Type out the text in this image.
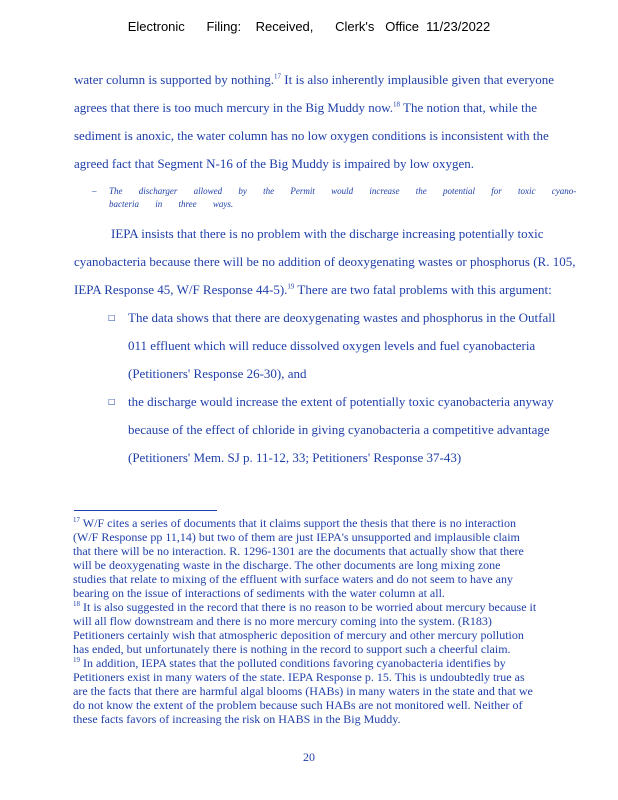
Electronic      Filing:    Received,      Clerk's   Office  11/23/2022
water column is supported by nothing.$^{17}$ It is also inherently implausible given that everyone
agrees that there is too much mercury in the Big Muddy now.$^{18}$ The notion that, while the
sediment is anoxic, the water column has no low oxygen conditions is inconsistent with the
agreed fact that Segment N-16 of the Big Muddy is impaired by low oxygen.
– The discharger allowed by the Permit would increase the potential for toxic cyano-
bacteria in three ways.
IEPA insists that there is no problem with the discharge increasing potentially toxic
cyanobacteria because there will be no addition of deoxygenating wastes or phosphorus (R. 105,
IEPA Response 45, W/F Response 44-5).$^{19}$ There are two fatal problems with this argument:
□ The data shows that there are deoxygenating wastes and phosphorus in the Outfall
011 effluent which will reduce dissolved oxygen levels and fuel cyanobacteria
(Petitioners' Response 26-30), and
□ the discharge would increase the extent of potentially toxic cyanobacteria anyway
because of the effect of chloride in giving cyanobacteria a competitive advantage
(Petitioners' Mem. SJ p. 11-12, 33; Petitioners' Response 37-43)
$^{17}$ W/F cites a series of documents that it claims support the thesis that there is no interaction
(W/F Response pp 11,14) but two of them are just IEPA's unsupported and implausible claim
that there will be no interaction. R. 1296-1301 are the documents that actually show that there
will be deoxygenating waste in the discharge. The other documents are long mixing zone
studies that relate to mixing of the effluent with surface waters and do not seem to have any
bearing on the issue of interactions of sediments with the water column at all.
$^{18}$ It is also suggested in the record that there is no reason to be worried about mercury because it
will all flow downstream and there is no more mercury coming into the system. (R183)
Petitioners certainly wish that atmospheric deposition of mercury and other mercury pollution
has ended, but unfortunately there is nothing in the record to support such a cheerful claim.
$^{19}$ In addition, IEPA states that the polluted conditions favoring cyanobacteria identifies by
Petitioners exist in many waters of the state. IEPA Response p. 15. This is undoubtedly true as
are the facts that there are harmful algal blooms (HABs) in many waters in the state and that we
do not know the extent of the problem because such HABs are not monitored well. Neither of
these facts favors of increasing the risk on HABS in the Big Muddy.
20
